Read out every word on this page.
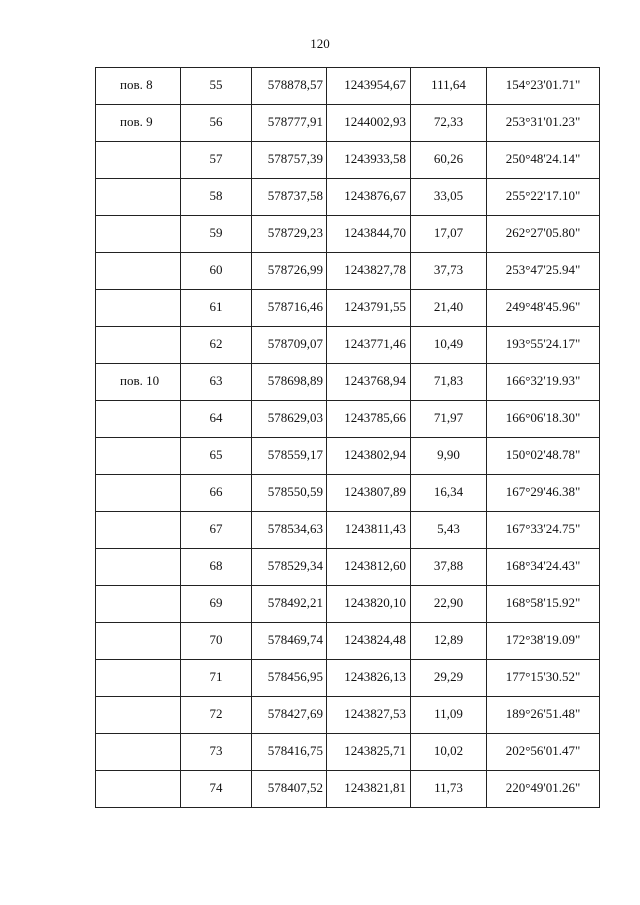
120
пов. 8	55	578878,57	1243954,67	111,64	154°23'01.71"

пов. 9	56	578777,91	1244002,93	72,33	253°31'01.23"

	57	578757,39	1243933,58	60,26	250°48'24.14"

	58	578737,58	1243876,67	33,05	255°22'17.10"

	59	578729,23	1243844,70	17,07	262°27'05.80"

	60	578726,99	1243827,78	37,73	253°47'25.94"

	61	578716,46	1243791,55	21,40	249°48'45.96"

	62	578709,07	1243771,46	10,49	193°55'24.17"

пов. 10	63	578698,89	1243768,94	71,83	166°32'19.93"

	64	578629,03	1243785,66	71,97	166°06'18.30"

	65	578559,17	1243802,94	9,90	150°02'48.78"

	66	578550,59	1243807,89	16,34	167°29'46.38"

	67	578534,63	1243811,43	5,43	167°33'24.75"

	68	578529,34	1243812,60	37,88	168°34'24.43"

	69	578492,21	1243820,10	22,90	168°58'15.92"

	70	578469,74	1243824,48	12,89	172°38'19.09"

	71	578456,95	1243826,13	29,29	177°15'30.52"

	72	578427,69	1243827,53	11,09	189°26'51.48"

	73	578416,75	1243825,71	10,02	202°56'01.47"

	74	578407,52	1243821,81	11,73	220°49'01.26"
